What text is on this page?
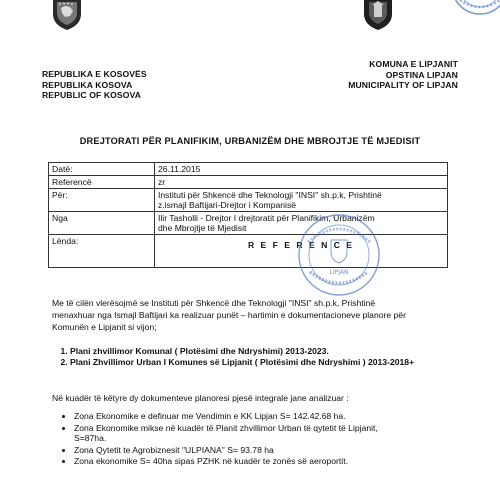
REPUBLIKA E KOSOVËS
REPUBLIKA KOSOVA
REPUBLIC OF KOSOVA
KOMUNA E LIPJANIT
OPSTINA LIPJAN
MUNICIPALITY OF LIPJAN
DREJTORATI PËR PLANIFIKIM, URBANIZËM DHE MBROJTJE TË MJEDISIT
Datë:	26.11.2015

Referencë	zr

Për:	Instituti për Shkencë dhe Teknologji "INSI" sh.p.k, Prishtinë
z.ismajl Baftijari-Drejtor i Kompanisë

Nga	Ilir Tasholli - Drejtor I drejtoratit për Planifikim, Urbanizëm
dhe Mbrojtje të Mjedisit

Lënda:	R E F E R E N C E
LIPJAN
Me të cilën vlerësojmë se Instituti për Shkencë dhe Teknologji "INSI" sh.p.k, Prishtinë
menaxhuar nga Ismajl Baftijari ka realizuar punët – hartimin e dokumentacioneve planore për
Komunën e Lipjanit si vijon;
1. Plani zhvillimor Komunal ( Plotësimi dhe Ndryshimi) 2013-2023.
2. Plani Zhvillimor Urban I Komunes së Lipjanit ( Plotësimi dhe Ndryshimi ) 2013-2018+
Në kuadër të këtyre dy dokumenteve planoresi pjesë integrale jane analizuar :
• Zona Ekonomike e definuar me Vendimin e KK Lipjan S= 142.42.68 ha.
• Zona Ekonomike mikse në kuadër të Planit zhvillimor Urban të qytetit të Lipjanit,
S=87ha.
• Zona Qytetit te Agrobiznesit "ULPIANA" S= 93.78 ha
• Zona ekonomike S= 40ha sipas PZHK në kuadër te zonës së aeroportit.
